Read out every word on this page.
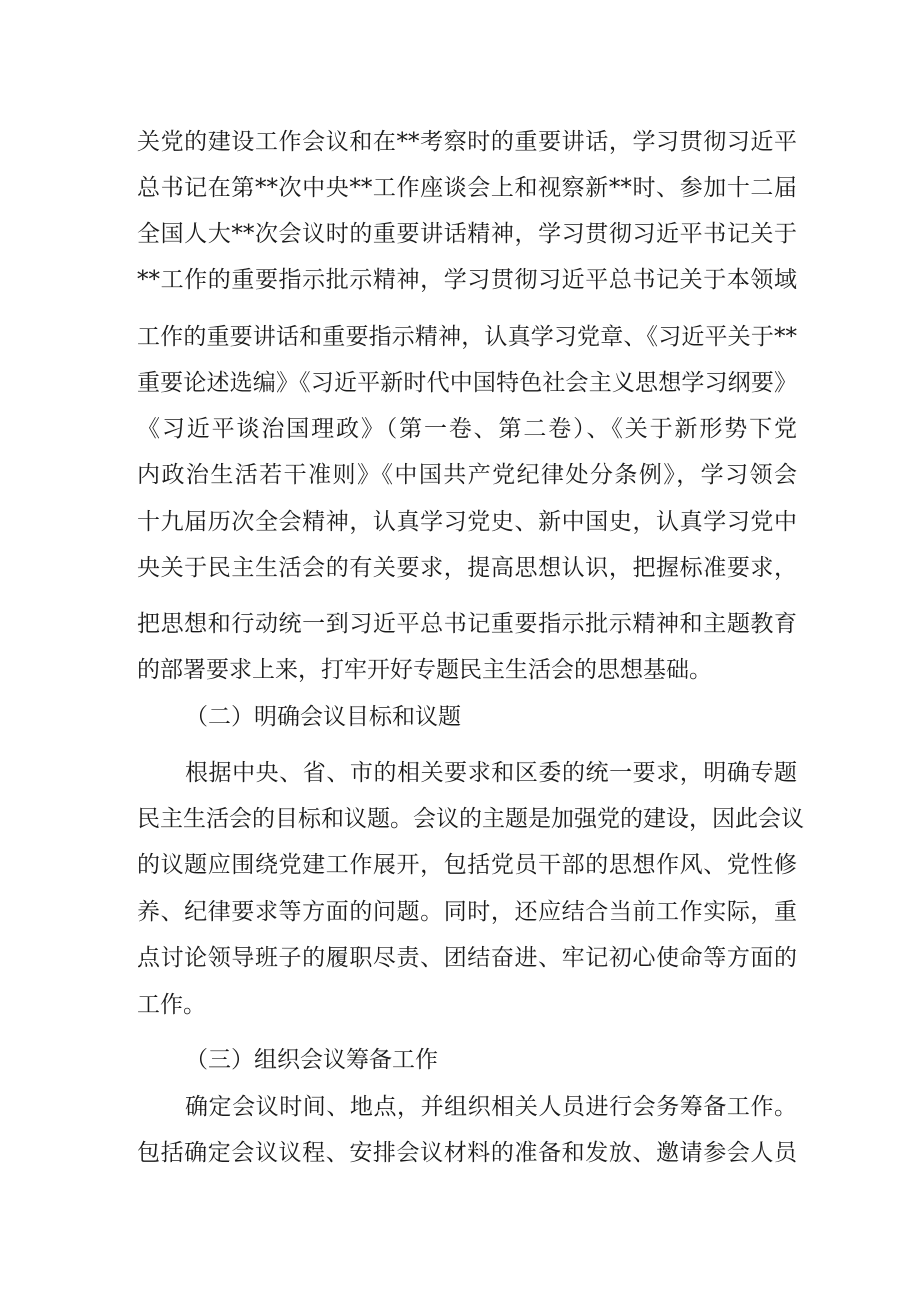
关党的建设工作会议和在**考察时的重要讲话，学习贯彻习近平
总书记在第**次中央**工作座谈会上和视察新**时、参加十二届
全国人大**次会议时的重要讲话精神，学习贯彻习近平书记关于
**工作的重要指示批示精神，学习贯彻习近平总书记关于本领域
工作的重要讲话和重要指示精神，认真学习党章、《习近平关于**
重要论述选编》《习近平新时代中国特色社会主义思想学习纲要》
《习近平谈治国理政》（第一卷、第二卷）、《关于新形势下党
内政治生活若干准则》《中国共产党纪律处分条例》，学习领会
十九届历次全会精神，认真学习党史、新中国史，认真学习党中
央关于民主生活会的有关要求，提高思想认识，把握标准要求，
把思想和行动统一到习近平总书记重要指示批示精神和主题教育
的部署要求上来，打牢开好专题民主生活会的思想基础。
（二）明确会议目标和议题
根据中央、省、市的相关要求和区委的统一要求，明确专题
民主生活会的目标和议题。会议的主题是加强党的建设，因此会议
的议题应围绕党建工作展开，包括党员干部的思想作风、党性修
养、纪律要求等方面的问题。同时，还应结合当前工作实际，重
点讨论领导班子的履职尽责、团结奋进、牢记初心使命等方面的
工作。
（三）组织会议筹备工作
确定会议时间、地点，并组织相关人员进行会务筹备工作。
包括确定会议议程、安排会议材料的准备和发放、邀请参会人员
